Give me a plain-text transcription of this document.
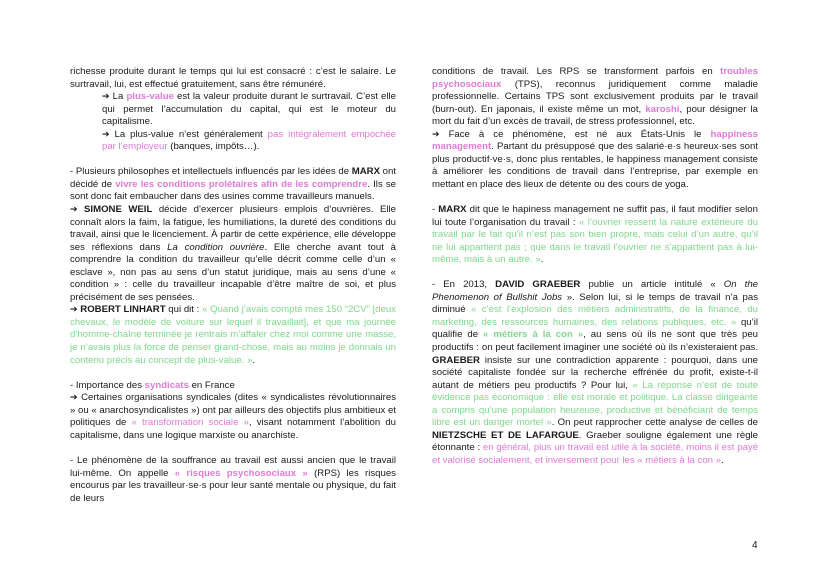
richesse produite durant le temps qui lui est consacré : c’est le salaire. Le surtravail, lui, est effectué gratuitement, sans être rémunéré.

➔ La plus-value est la valeur produite durant le surtravail. C’est elle qui permet l’accumulation du capital, qui est le moteur du capitalisme.

➔ La plus-value n’est généralement pas intégralement empochée par l’employeur (banques, impôts…).

- Plusieurs philosophes et intellectuels influencés par les idées de MARX ont décidé de vivre les conditions prolétaires afin de les comprendre. Ils se sont donc fait embaucher dans des usines comme travailleurs manuels.

➔ SIMONE WEIL décide d’exercer plusieurs emplois d’ouvrières. Elle connaît alors la faim, la fatigue, les humiliations, la dureté des conditions du travail, ainsi que le licenciement. À partir de cette expérience, elle développe ses réflexions dans La condition ouvrière. Elle cherche avant tout à comprendre la condition du travailleur qu’elle décrit comme celle d’un « esclave », non pas au sens d’un statut juridique, mais au sens d’une « condition » : celle du travailleur incapable d’être maître de soi, et plus précisément de ses pensées.

➔ ROBERT LINHART qui dit : « Quand j’avais compté mes 150 “2CV” [deux chevaux, le modèle de voiture sur lequel il travaillait], et que ma journée d’homme-chaîne terminée je rentrais m’affaler chez moi comme une masse, je n’avais plus la force de penser grand-chose, mais au moins je donnais un contenu précis au concept de plus-value. ».

- Importance des syndicats en France

➔ Certaines organisations syndicales (dites « syndicalistes révolutionnaires » ou « anarchosyndicalistes ») ont par ailleurs des objectifs plus ambitieux et politiques de « transformation sociale », visant notamment l’abolition du capitalisme, dans une logique marxiste ou anarchiste.

- Le phénomène de la souffrance au travail est aussi ancien que le travail lui-même. On appelle « risques psychosociaux » (RPS) les risques encourus par les travailleur·se·s pour leur santé mentale ou physique, du fait de leurs

conditions de travail. Les RPS se transforment parfois en troubles psychosociaux (TPS), reconnus juridiquement comme maladie professionnelle. Certains TPS sont exclusivement produits par le travail (burn-out). En japonais, il existe même un mot, karoshi, pour désigner la mort du fait d’un excès de travail, de stress professionnel, etc.

➔ Face à ce phénomène, est né aux États-Unis le happiness management. Partant du présupposé que des salarié·e·s heureux·ses sont plus productif·ve·s, donc plus rentables, le happiness management consiste à améliorer les conditions de travail dans l’entreprise, par exemple en mettant en place des lieux de détente ou des cours de yoga.

- MARX dit que le hapiness management ne suffit pas, il faut modifier selon lui toute l’organisation du travail : « l’ouvrier ressent la nature extérieure du travail par le fait qu’il n’est pas son bien propre, mais celui d’un autre, qu’il ne lui appartient pas ; que dans le travail l’ouvrier ne s’appartient pas à lui-même, mais à un autre. ».

- En 2013, DAVID GRAEBER publie un article intitulé « On the Phenomenon of Bullshit Jobs ». Selon lui, si le temps de travail n’a pas diminué « c’est l’explosion des métiers administratifs, de la finance, du marketing, des ressources humaines, des relations publiques, etc. » qu’il qualifie de « métiers à la con », au sens où ils ne sont que très peu productifs : on peut facilement imaginer une société où ils n’existeraient pas. GRAEBER insiste sur une contradiction apparente : pourquoi, dans une société capitaliste fondée sur la recherche effrénée du profit, existe-t-il autant de métiers peu productifs ? Pour lui, « La réponse n’est de toute évidence pas économique : elle est morale et politique. La classe dirigeante a compris qu’une population heureuse, productive et bénéficiant de temps libre est un danger mortel ». On peut rapprocher cette analyse de celles de NIETZSCHE ET DE LAFARGUE. Graeber souligne également une règle étonnante : en général, plus un travail est utile à la société, moins il est payé et valorisé socialement, et inversement pour les « métiers à la con ».

4
